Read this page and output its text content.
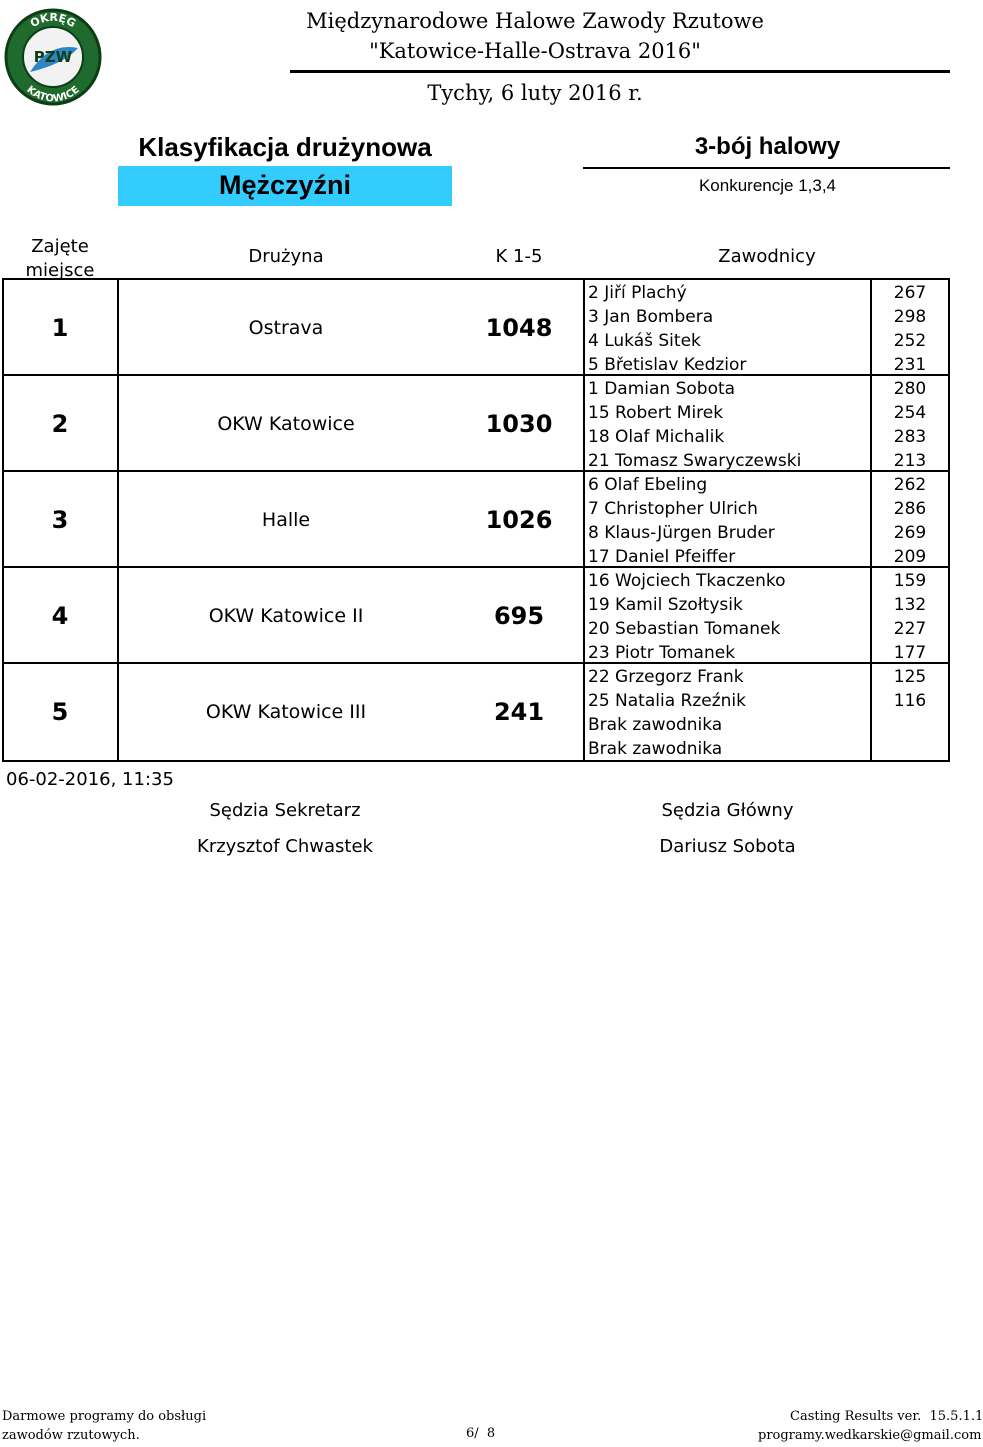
PZW
OKRĘG
KATOWICE
Międzynarodowe Halowe Zawody Rzutowe
"Katowice-Halle-Ostrava 2016"
Tychy, 6 luty 2016 r.
Klasyfikacja drużynowa
Mężczyźni
3-bój halowy
Konkurencje 1,3,4
Zajęte miejsce
Drużyna	K 1-5	Zawodnicy
1	Ostrava	1048
2 Jiří Plachý	267
3 Jan Bombera	298
4 Lukáš Sitek	252
5 Břetislav Kedzior	231
2	OKW Katowice	1030
1 Damian Sobota	280
15 Robert Mirek	254
18 Olaf Michalik	283
21 Tomasz Swaryczewski	213
3	Halle	1026
6 Olaf Ebeling	262
7 Christopher Ulrich	286
8 Klaus-Jürgen Bruder	269
17 Daniel Pfeiffer	209
4	OKW Katowice II	695
16 Wojciech Tkaczenko	159
19 Kamil Szołtysik	132
20 Sebastian Tomanek	227
23 Piotr Tomanek	177
5	OKW Katowice III	241
22 Grzegorz Frank	125
25 Natalia Rzeźnik	116
Brak zawodnika
Brak zawodnika
06-02-2016, 11:35
Sędzia Sekretarz
Krzysztof Chwastek
Sędzia Główny
Dariusz Sobota
Darmowe programy do obsługi
zawodów rzutowych.	6/  8
Casting Results ver.  15.5.1.1
programy.wedkarskie@gmail.com
